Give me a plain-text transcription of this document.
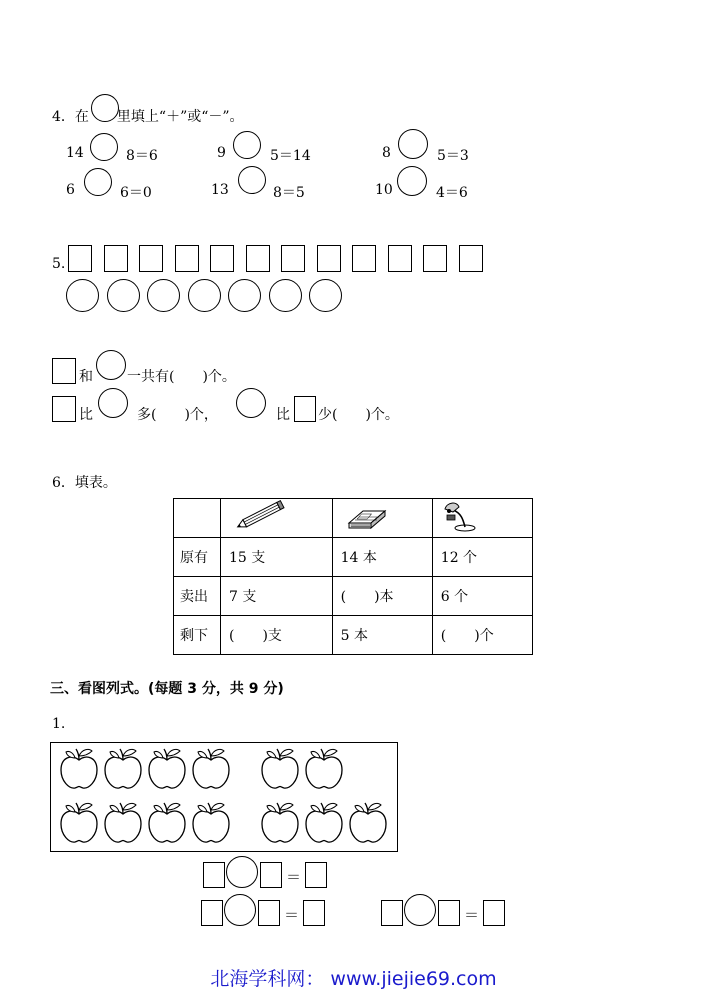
4．在 里填上“＋”或“－”。
14	8＝6	9	5＝14	8	5＝3
6	6＝0	13	8＝5	10	4＝6
5.
和 一共有(　　)个。
比	多(　　)个，	比 少(　　)个。
6．填表。

原有	15 支	14 本	12 个
卖出	7 支	(　　)本	6 个
剩下	(　　)支	5 本	(　　)个
三、看图列式。(每题 3 分，共 9 分)
1.
＝
＝	＝
北海学科网： www.jiejie69.com
